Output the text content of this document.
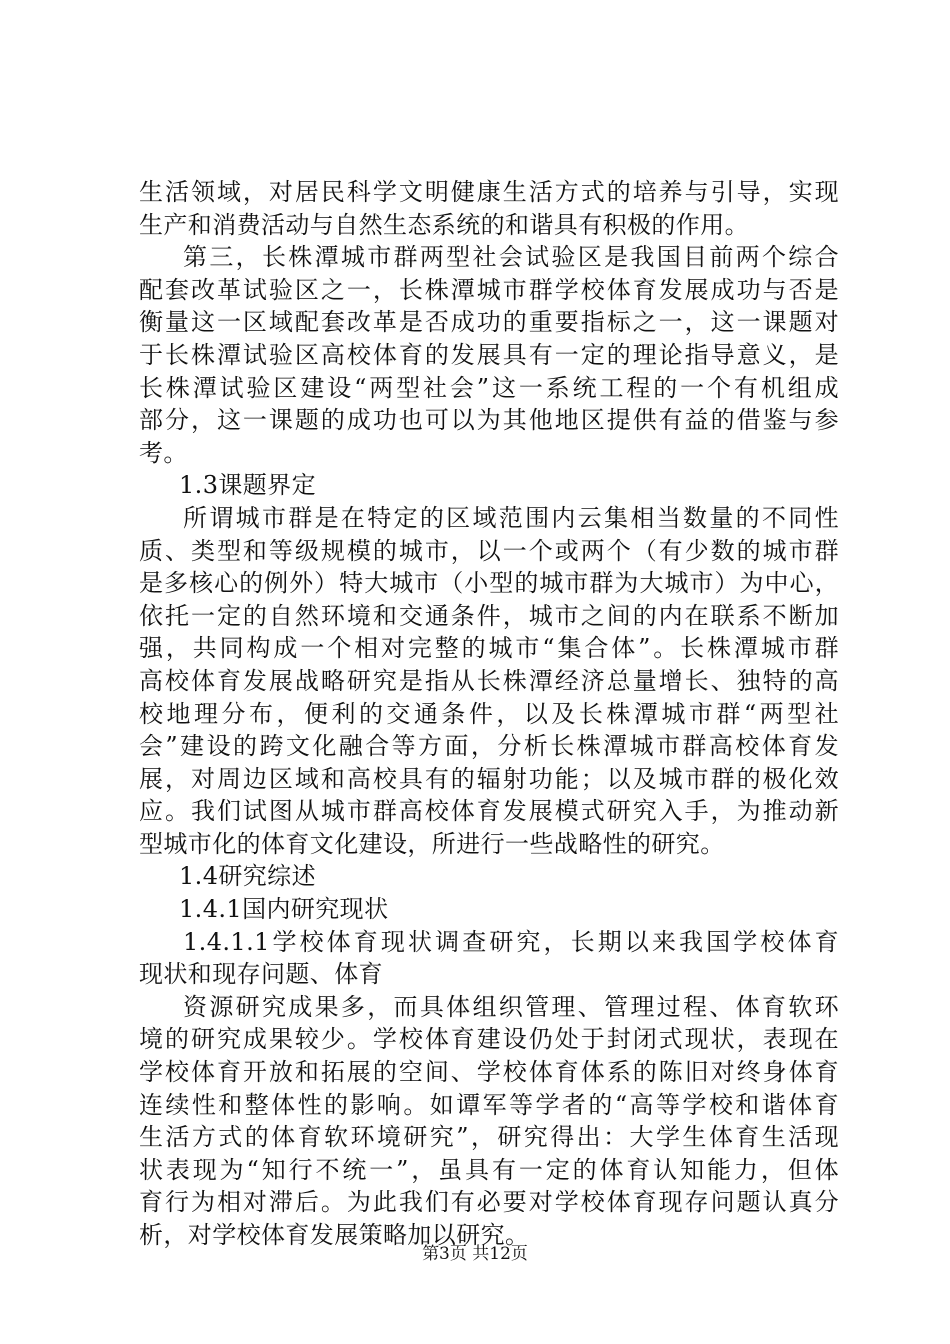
生活领域，对居民科学文明健康生活方式的培养与引导，实现
生产和消费活动与自然生态系统的和谐具有积极的作用。
第三，长株潭城市群两型社会试验区是我国目前两个综合
配套改革试验区之一，长株潭城市群学校体育发展成功与否是
衡量这一区域配套改革是否成功的重要指标之一，这一课题对
于长株潭试验区高校体育的发展具有一定的理论指导意义，是
长株潭试验区建设“两型社会”这一系统工程的一个有机组成
部分，这一课题的成功也可以为其他地区提供有益的借鉴与参
考。
1.3课题界定
所谓城市群是在特定的区域范围内云集相当数量的不同性
质、类型和等级规模的城市，以一个或两个（有少数的城市群
是多核心的例外）特大城市（小型的城市群为大城市）为中心，
依托一定的自然环境和交通条件，城市之间的内在联系不断加
强，共同构成一个相对完整的城市“集合体”。长株潭城市群
高校体育发展战略研究是指从长株潭经济总量增长、独特的高
校地理分布，便利的交通条件，以及长株潭城市群“两型社
会”建设的跨文化融合等方面，分析长株潭城市群高校体育发
展，对周边区域和高校具有的辐射功能；以及城市群的极化效
应。我们试图从城市群高校体育发展模式研究入手，为推动新
型城市化的体育文化建设，所进行一些战略性的研究。
1.4研究综述
1.4.1国内研究现状
1.4.1.1学校体育现状调查研究，长期以来我国学校体育
现状和现存问题、体育
资源研究成果多，而具体组织管理、管理过程、体育软环
境的研究成果较少。学校体育建设仍处于封闭式现状，表现在
学校体育开放和拓展的空间、学校体育体系的陈旧对终身体育
连续性和整体性的影响。如谭军等学者的“高等学校和谐体育
生活方式的体育软环境研究”，研究得出：大学生体育生活现
状表现为“知行不统一”，虽具有一定的体育认知能力，但体
育行为相对滞后。为此我们有必要对学校体育现存问题认真分
析，对学校体育发展策略加以研究。
第3页 共12页
